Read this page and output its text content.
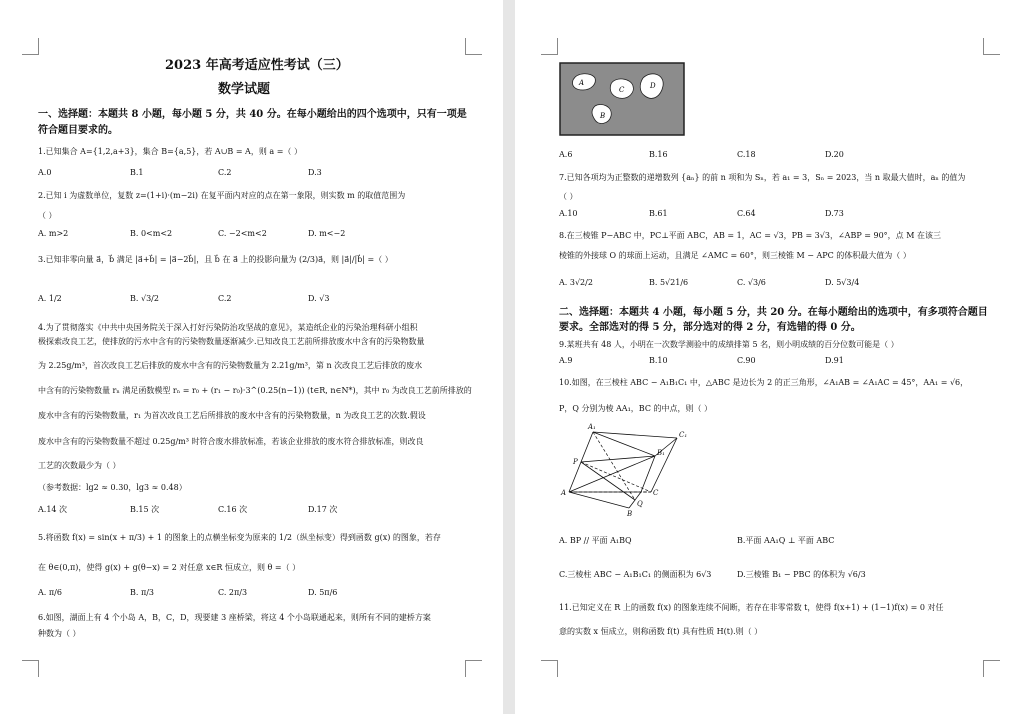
2023 年高考适应性考试（三）
数学试题
一、选择题：本题共 8 小题，每小题 5 分，共 40 分。在每小题给出的四个选项中，只有一项是
符合题目要求的。
1.已知集合 A={1,2,a+3}，集合 B={a,5}，若 A∪B = A，则 a =（ ）
A.0	B.1	C.2	D.3
2.已知 i 为虚数单位，复数 z=(1+i)·(m−2i) 在复平面内对应的点在第一象限，则实数 m 的取值范围为
（ ）
A. m>2	B. 0<m<2	C. −2<m<2	D. m<−2
3.已知非零向量 a⃗，b⃗ 满足 |a⃗+b⃗| = |a⃗−2b⃗|，且 b⃗ 在 a⃗ 上的投影向量为 (2/3)a⃗，则 |a⃗|/|b⃗| =（ ）
A. 1/2	B. √3/2	C.2	D. √3
4.为了贯彻落实《中共中央国务院关于深入打好污染防治攻坚战的意见》，某造纸企业的污染治理科研小组积
极探索改良工艺，使排放的污水中含有的污染物数量逐渐减少.已知改良工艺前所排放废水中含有的污染物数量
为 2.25g/m³，首次改良工艺后排放的废水中含有的污染物数量为 2.21g/m³，第 n 次改良工艺后排放的废水
中含有的污染物数量 rₙ 满足函数模型 rₙ = r₀ + (r₁ − r₀)·3^(0.25(n−1)) (t∈R, n∈N*)，其中 r₀ 为改良工艺前所排放的
废水中含有的污染物数量，r₁ 为首次改良工艺后所排放的废水中含有的污染物数量，n 为改良工艺的次数.假设
废水中含有的污染物数量不超过 0.25g/m³ 时符合废水排放标准，若该企业排放的废水符合排放标准，则改良
工艺的次数最少为（ ）
（参考数据：lg2 ≈ 0.30，lg3 ≈ 0.48）
A.14 次	B.15 次	C.16 次	D.17 次
5.将函数 f(x) = sin(x + π/3) + 1 的图象上的点横坐标变为原来的 1/2（纵坐标变）得到函数 g(x) 的图象，若存
在 θ∈(0,π)，使得 g(x) + g(θ−x) = 2 对任意 x∈R 恒成立，则 θ =（ ）
A. π/6	B. π/3	C. 2π/3	D. 5π/6
6.如图，湖面上有 4 个小岛 A，B，C，D，现要建 3 座桥梁，将这 4 个小岛联通起来，则所有不同的建桥方案
种数为（ ）
A
C	D
B
A.6	B.16	C.18	D.20
7.已知各项均为正整数的递增数列 {aₙ} 的前 n 项和为 Sₙ，若 a₁ = 3，Sₙ = 2023，当 n 取最大值时，aₙ 的值为
（ ）
A.10	B.61	C.64	D.73
8.在三棱锥 P−ABC 中，PC⊥平面 ABC，AB = 1，AC = √3，PB = 3√3，∠ABP = 90°，点 M 在该三
棱锥的外接球 O 的球面上运动，且满足 ∠AMC = 60°，则三棱锥 M − APC 的体积最大值为（ ）
A. 3√2/2	B. 5√21/6	C. √3/6	D. 5√3/4
二、选择题：本题共 4 小题，每小题 5 分，共 20 分。在每小题给出的选项中，有多项符合题目
要求。全部选对的得 5 分，部分选对的得 2 分，有选错的得 0 分。
9.某班共有 48 人，小明在一次数学测验中的成绩排第 5 名，则小明成绩的百分位数可能是（ ）
A.9	B.10	C.90	D.91
10.如图，在三棱柱 ABC − A₁B₁C₁ 中，△ABC 是边长为 2 的正三角形，∠A₁AB = ∠A₁AC = 45°，AA₁ = √6，
P，Q 分别为棱 AA₁，BC 的中点，则（ ）
A₁
C₁
B₁
P
A	C
B
Q
A. BP // 平面 A₁BQ	B.平面 AA₁Q ⊥ 平面 ABC
C.三棱柱 ABC − A₁B₁C₁ 的侧面积为 6√3	D.三棱锥 B₁ − PBC 的体积为 √6/3
11.已知定义在 R 上的函数 f(x) 的图象连续不间断，若存在非零常数 t，使得 f(x+1) + (1−1)f(x) = 0 对任
意的实数 x 恒成立，则称函数 f(t) 具有性质 H(t).则（ ）
